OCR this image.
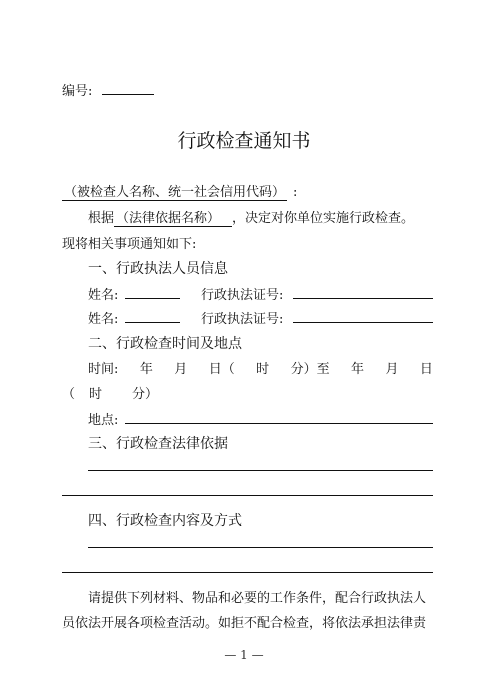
编号:
行政检查通知书
（被检查人名称、统一社会信用代码） :
根据 （法律依据名称） ，决定对你单位实施行政检查。
现将相关事项通知如下:
一、行政执法人员信息
姓名:	行政执法证号:
姓名:	行政执法证号:
二、行政检查时间及地点
时间: 年 月 日（ 时 分）至 年 月 日
（ 时 分）
地点:
三、行政检查法律依据
四、行政检查内容及方式
请提供下列材料、物品和必要的工作条件，配合行政执法人
员依法开展各项检查活动。如拒不配合检查，将依法承担法律责
— 1 —
